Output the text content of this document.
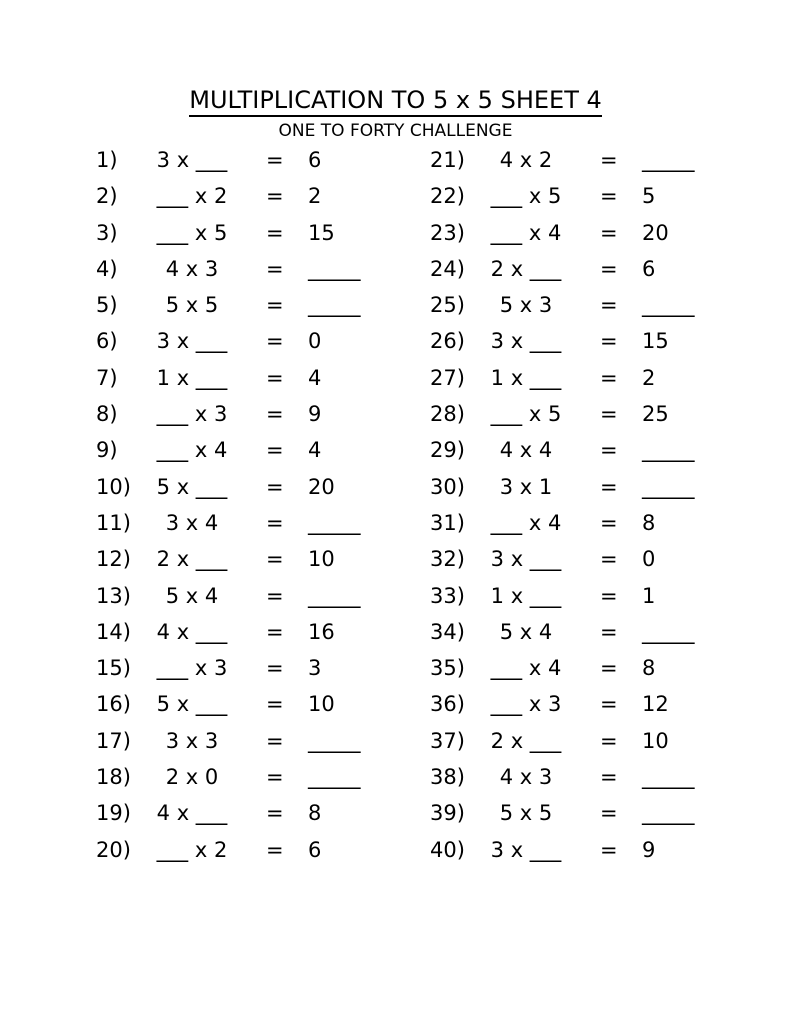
MULTIPLICATION TO 5 x 5 SHEET 4
ONE TO FORTY CHALLENGE
1) 3 x ___ = 6
2) ___ x 2 = 2
3) ___ x 5 = 15
4)	4 x 3	= _____
5)	5 x 5	= _____
6) 3 x ___ = 0
7) 1 x ___ = 4
8) ___ x 3 = 9
9) ___ x 4 = 4
10) 5 x ___ = 20
11)	3 x 4	= _____
12) 2 x ___ = 10
13)	5 x 4	= _____
14) 4 x ___ = 16
15) ___ x 3 = 3
16) 5 x ___ = 10
17)	3 x 3	= _____
18)	2 x 0	= _____
19) 4 x ___ = 8
20) ___ x 2 = 6
21)	4 x 2	= _____
22) ___ x 5 = 5
23) ___ x 4 = 20
24) 2 x ___ = 6
25)	5 x 3	= _____
26) 3 x ___ = 15
27) 1 x ___ = 2
28) ___ x 5 = 25
29)	4 x 4	= _____
30)	3 x 1	= _____
31) ___ x 4 = 8
32) 3 x ___ = 0
33) 1 x ___ = 1
34)	5 x 4	= _____
35) ___ x 4 = 8
36) ___ x 3 = 12
37) 2 x ___ = 10
38)	4 x 3	= _____
39)	5 x 5	= _____
40) 3 x ___ = 9
